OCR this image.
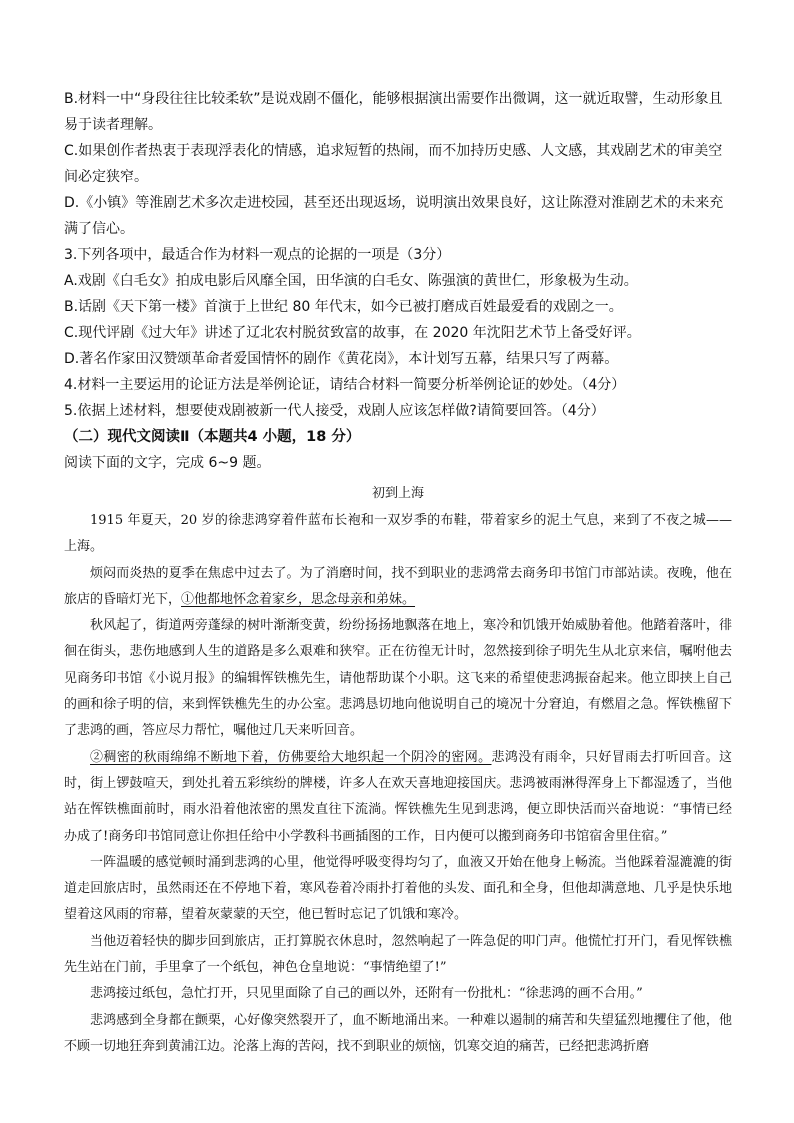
B.材料一中“身段往往比较柔软”是说戏剧不僵化，能够根据演出需要作出微调，这一就近取譬，生动形象且易于读者理解。

C.如果创作者热衷于表现浮表化的情感，追求短暂的热闹，而不加持历史感、人文感，其戏剧艺术的审美空间必定狭窄。

D.《小镇》等淮剧艺术多次走进校园，甚至还出现返场，说明演出效果良好，这让陈澄对淮剧艺术的未来充满了信心。

3.下列各项中，最适合作为材料一观点的论据的一项是（3分）

A.戏剧《白毛女》拍成电影后风靡全国，田华演的白毛女、陈强演的黄世仁，形象极为生动。

B.话剧《天下第一楼》首演于上世纪 80 年代末，如今已被打磨成百姓最爱看的戏剧之一。

C.现代评剧《过大年》讲述了辽北农村脱贫致富的故事，在 2020 年沈阳艺术节上备受好评。

D.著名作家田汉赞颂革命者爱国情怀的剧作《黄花岗》，本计划写五幕，结果只写了两幕。

4.材料一主要运用的论证方法是举例论证，请结合材料一简要分析举例论证的妙处。（4分）

5.依据上述材料，想要使戏剧被新一代人接受，戏剧人应该怎样做?请简要回答。（4分）

（二）现代文阅读Ⅱ（本题共4 小题，18 分）

阅读下面的文字，完成 6~9 题。

初到上海

1915 年夏天，20 岁的徐悲鸿穿着件蓝布长袍和一双岁季的布鞋，带着家乡的泥土气息，来到了不夜之城——上海。

烦闷而炎热的夏季在焦虑中过去了。为了消磨时间，找不到职业的悲鸿常去商务印书馆门市部站读。夜晚，他在旅店的昏暗灯光下，①他都地怀念着家乡，思念母亲和弟妹。

秋风起了，街道两旁蓬绿的树叶渐渐变黄，纷纷扬扬地飘落在地上，寒冷和饥饿开始威胁着他。他踏着落叶，徘徊在街头，悲伤地感到人生的道路是多么艰难和狭窄。正在彷徨无计时，忽然接到徐子明先生从北京来信，嘱咐他去见商务印书馆《小说月报》的编辑恽铁樵先生，请他帮助谋个小职。这飞来的希望使悲鸿振奋起来。他立即挟上自己的画和徐子明的信，来到恽铁樵先生的办公室。悲鸿恳切地向他说明自己的境况十分窘迫，有燃眉之急。恽铁樵留下了悲鸿的画，答应尽力帮忙，嘱他过几天来听回音。

②稠密的秋雨绵绵不断地下着，仿佛要给大地织起一个阴冷的密网。悲鸿没有雨伞，只好冒雨去打听回音。这时，街上锣鼓喧天，到处扎着五彩缤纷的牌楼，许多人在欢天喜地迎接国庆。悲鸿被雨淋得浑身上下都湿透了，当他站在恽铁樵面前时，雨水沿着他浓密的黑发直往下流淌。恽铁樵先生见到悲鸿，便立即快活而兴奋地说：“事情已经办成了!商务印书馆同意让你担任给中小学教科书画插图的工作，日内便可以搬到商务印书馆宿舍里住宿。”

一阵温暖的感觉顿时涌到悲鸿的心里，他觉得呼吸变得均匀了，血液又开始在他身上畅流。当他踩着湿漉漉的街道走回旅店时，虽然雨还在不停地下着，寒风卷着冷雨扑打着他的头发、面孔和全身，但他却满意地、几乎是快乐地望着这风雨的帘幕，望着灰蒙蒙的天空，他已暂时忘记了饥饿和寒冷。

当他迈着轻快的脚步回到旅店，正打算脱衣休息时，忽然响起了一阵急促的叩门声。他慌忙打开门，看见恽铁樵先生站在门前，手里拿了一个纸包，神色仓皇地说：“事情绝望了!”

悲鸿接过纸包，急忙打开，只见里面除了自己的画以外，还附有一份批札：“徐悲鸿的画不合用。”

悲鸿感到全身都在颤栗，心好像突然裂开了，血不断地涌出来。一种难以遏制的痛苦和失望猛烈地攫住了他，他不顾一切地狂奔到黄浦江边。沦落上海的苦闷，找不到职业的烦恼，饥寒交迫的痛苦，已经把悲鸿折磨
